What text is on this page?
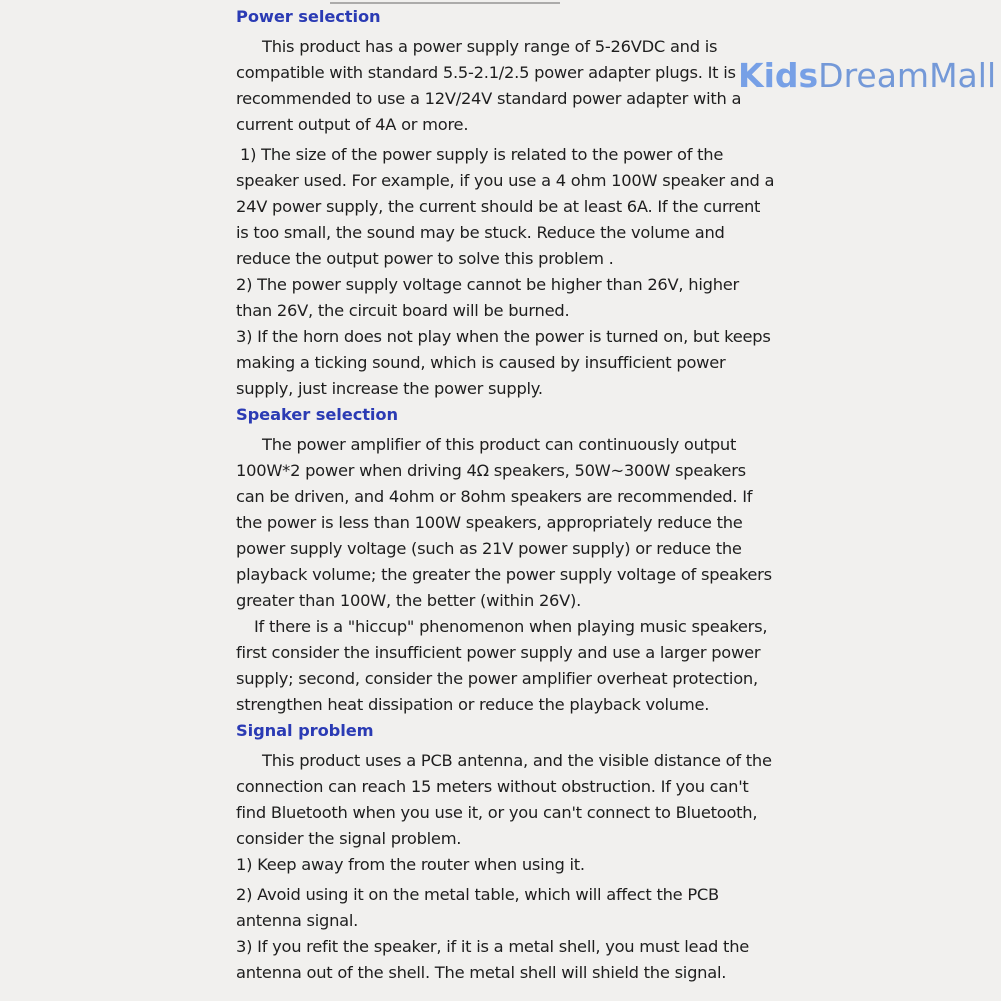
KidsDreamMall
Power selection

This product has a power supply range of 5-26VDC and is compatible with standard 5.5-2.1/2.5 power adapter plugs. It is recommended to use a 12V/24V standard power adapter with a current output of 4A or more.

1) The size of the power supply is related to the power of the speaker used. For example, if you use a 4 ohm 100W speaker and a 24V power supply, the current should be at least 6A. If the current is too small, the sound may be stuck. Reduce the volume and reduce the output power to solve this problem .

2) The power supply voltage cannot be higher than 26V, higher than 26V, the circuit board will be burned.

3) If the horn does not play when the power is turned on, but keeps making a ticking sound, which is caused by insufficient power supply, just increase the power supply.

Speaker selection

The power amplifier of this product can continuously output 100W*2 power when driving 4Ω speakers, 50W~300W speakers can be driven, and 4ohm or 8ohm speakers are recommended. If the power is less than 100W speakers, appropriately reduce the power supply voltage (such as 21V power supply) or reduce the playback volume; the greater the power supply voltage of speakers greater than 100W, the better (within 26V).

If there is a "hiccup" phenomenon when playing music speakers, first consider the insufficient power supply and use a larger power supply; second, consider the power amplifier overheat protection, strengthen heat dissipation or reduce the playback volume.

Signal problem

This product uses a PCB antenna, and the visible distance of the connection can reach 15 meters without obstruction. If you can't find Bluetooth when you use it, or you can't connect to Bluetooth, consider the signal problem.

1) Keep away from the router when using it.

2) Avoid using it on the metal table, which will affect the PCB antenna signal.

3) If you refit the speaker, if it is a metal shell, you must lead the antenna out of the shell. The metal shell will shield the signal.
